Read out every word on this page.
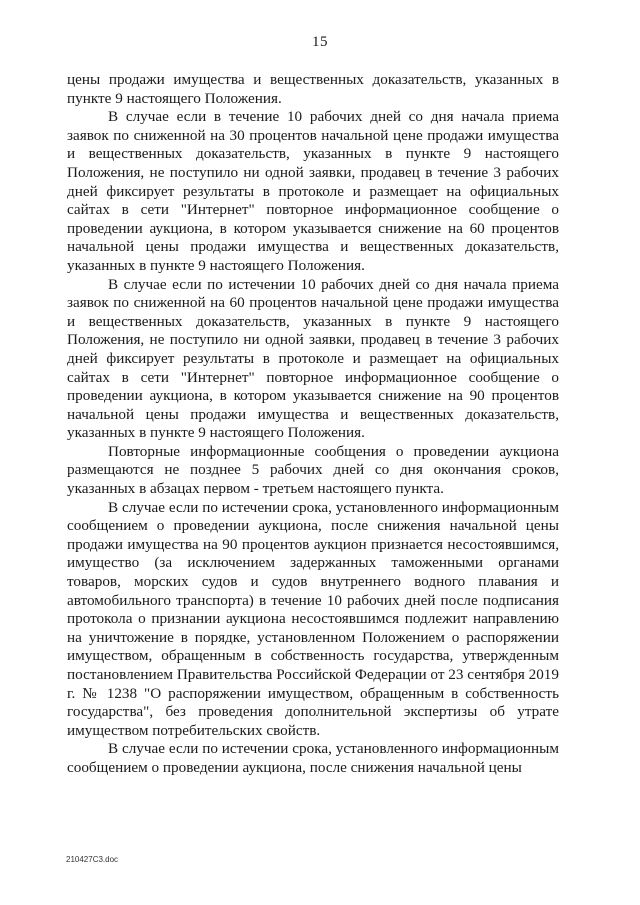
15

цены продажи имущества и вещественных доказательств, указанных в пункте 9 настоящего Положения.

В случае если в течение 10 рабочих дней со дня начала приема заявок по сниженной на 30 процентов начальной цене продажи имущества и вещественных доказательств, указанных в пункте 9 настоящего Положения, не поступило ни одной заявки, продавец в течение 3 рабочих дней фиксирует результаты в протоколе и размещает на официальных сайтах в сети "Интернет" повторное информационное сообщение о проведении аукциона, в котором указывается снижение на 60 процентов начальной цены продажи имущества и вещественных доказательств, указанных в пункте 9 настоящего Положения.

В случае если по истечении 10 рабочих дней со дня начала приема заявок по сниженной на 60 процентов начальной цене продажи имущества и вещественных доказательств, указанных в пункте 9 настоящего Положения, не поступило ни одной заявки, продавец в течение 3 рабочих дней фиксирует результаты в протоколе и размещает на официальных сайтах в сети "Интернет" повторное информационное сообщение о проведении аукциона, в котором указывается снижение на 90 процентов начальной цены продажи имущества и вещественных доказательств, указанных в пункте 9 настоящего Положения.

Повторные информационные сообщения о проведении аукциона размещаются не позднее 5 рабочих дней со дня окончания сроков, указанных в абзацах первом - третьем настоящего пункта.

В случае если по истечении срока, установленного информационным сообщением о проведении аукциона, после снижения начальной цены продажи имущества на 90 процентов аукцион признается несостоявшимся, имущество (за исключением задержанных таможенными органами товаров, морских судов и судов внутреннего водного плавания и автомобильного транспорта) в течение 10 рабочих дней после подписания протокола о признании аукциона несостоявшимся подлежит направлению на уничтожение в порядке, установленном Положением о распоряжении имуществом, обращенным в собственность государства, утвержденным постановлением Правительства Российской Федерации от 23 сентября 2019 г. № 1238 "О распоряжении имуществом, обращенным в собственность государства", без проведения дополнительной экспертизы об утрате имуществом потребительских свойств.

В случае если по истечении срока, установленного информационным сообщением о проведении аукциона, после снижения начальной цены

210427C3.doc
